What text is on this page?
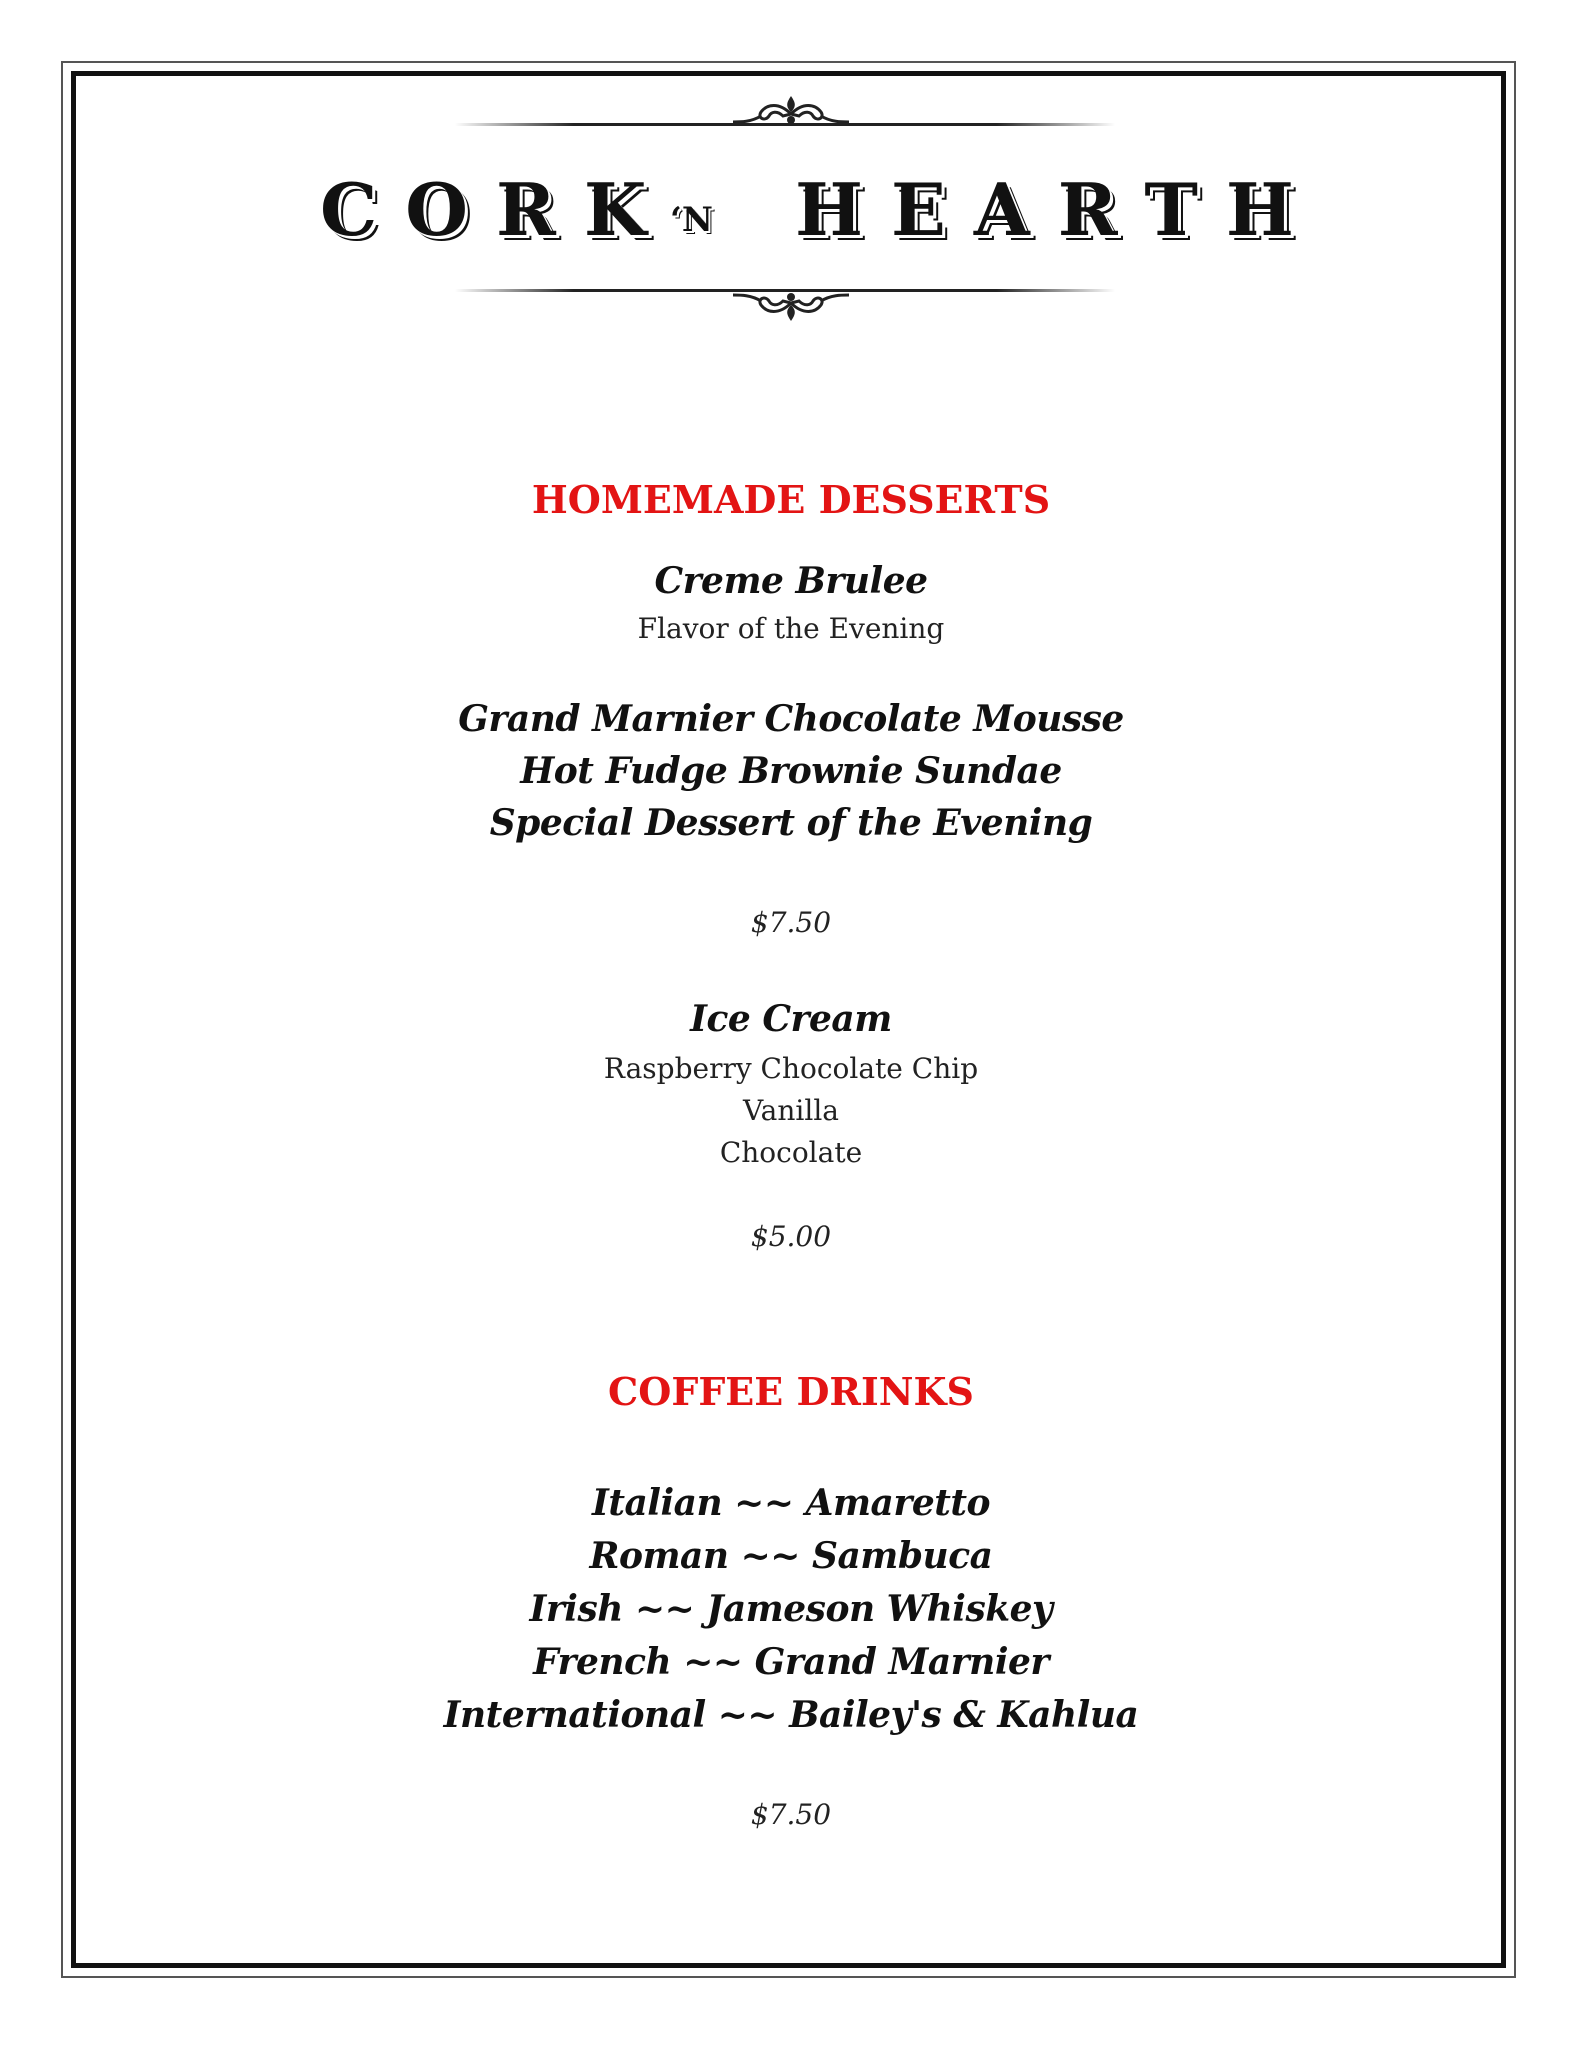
CORK
‘N HEARTH
HOMEMADE DESSERTS
Creme Brulee
Flavor of the Evening
Grand Marnier Chocolate Mousse
Hot Fudge Brownie Sundae
Special Dessert of the Evening
$7.50
Ice Cream
Raspberry Chocolate Chip
Vanilla
Chocolate
$5.00
COFFEE DRINKS
Italian ~~ Amaretto
Roman ~~ Sambuca
Irish ~~ Jameson Whiskey
French ~~ Grand Marnier
International ~~ Bailey's & Kahlua
$7.50
